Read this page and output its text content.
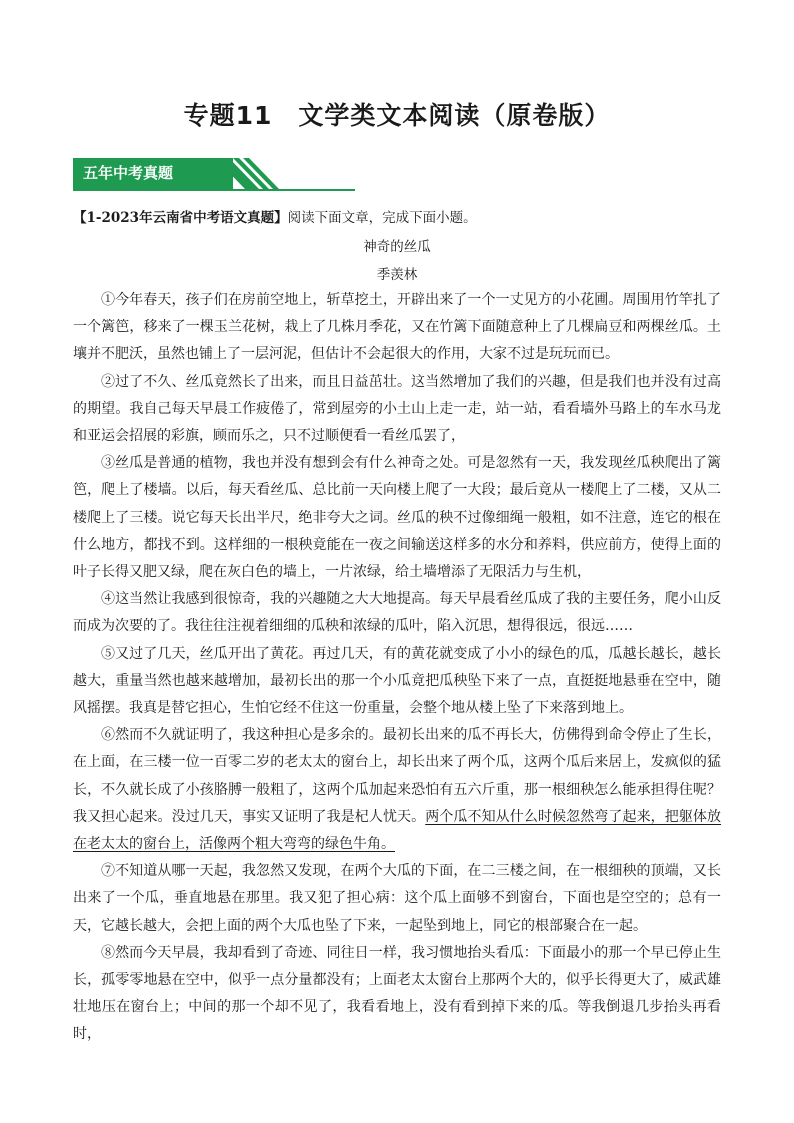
专题11　文学类文本阅读（原卷版）
五年中考真题
【1-2023年云南省中考语文真题】阅读下面文章，完成下面小题。
神奇的丝瓜
季羡林

①今年春天，孩子们在房前空地上，斩草挖土，开辟出来了一个一丈见方的小花圃。周围用竹竿扎了一个篱笆，移来了一棵玉兰花树，栽上了几株月季花，又在竹篱下面随意种上了几棵扁豆和两棵丝瓜。土壤并不肥沃，虽然也铺上了一层河泥，但估计不会起很大的作用，大家不过是玩玩而已。

②过了不久、丝瓜竟然长了出来，而且日益茁壮。这当然增加了我们的兴趣，但是我们也并没有过高的期望。我自己每天早晨工作疲倦了，常到屋旁的小土山上走一走，站一站，看看墙外马路上的车水马龙和亚运会招展的彩旗，顾而乐之，只不过顺便看一看丝瓜罢了，

③丝瓜是普通的植物，我也并没有想到会有什么神奇之处。可是忽然有一天，我发现丝瓜秧爬出了篱笆，爬上了楼墙。以后，每天看丝瓜、总比前一天向楼上爬了一大段；最后竟从一楼爬上了二楼，又从二楼爬上了三楼。说它每天长出半尺，绝非夸大之词。丝瓜的秧不过像细绳一般粗，如不注意，连它的根在什么地方，都找不到。这样细的一根秧竟能在一夜之间输送这样多的水分和养料，供应前方，使得上面的叶子长得又肥又绿，爬在灰白色的墙上，一片浓绿，给土墙增添了无限活力与生机，

④这当然让我感到很惊奇，我的兴趣随之大大地提高。每天早晨看丝瓜成了我的主要任务，爬小山反而成为次要的了。我往往注视着细细的瓜秧和浓绿的瓜叶，陷入沉思，想得很远，很远……

⑤又过了几天，丝瓜开出了黄花。再过几天，有的黄花就变成了小小的绿色的瓜，瓜越长越长，越长越大，重量当然也越来越增加，最初长出的那一个小瓜竟把瓜秧坠下来了一点，直挺挺地悬垂在空中，随风摇摆。我真是替它担心，生怕它经不住这一份重量，会整个地从楼上坠了下来落到地上。

⑥然而不久就证明了，我这种担心是多余的。最初长出来的瓜不再长大，仿佛得到命令停止了生长，在上面，在三楼一位一百零二岁的老太太的窗台上，却长出来了两个瓜，这两个瓜后来居上，发疯似的猛长，不久就长成了小孩胳膊一般粗了，这两个瓜加起来恐怕有五六斤重，那一根细秧怎么能承担得住呢？我又担心起来。没过几天，事实又证明了我是杞人忧天。两个瓜不知从什么时候忽然弯了起来，把躯体放在老太太的窗台上，活像两个粗大弯弯的绿色牛角。

⑦不知道从哪一天起，我忽然又发现，在两个大瓜的下面，在二三楼之间，在一根细秧的顶端，又长出来了一个瓜，垂直地悬在那里。我又犯了担心病：这个瓜上面够不到窗台，下面也是空空的；总有一天，它越长越大，会把上面的两个大瓜也坠了下来，一起坠到地上，同它的根部聚合在一起。

⑧然而今天早晨，我却看到了奇迹、同往日一样，我习惯地抬头看瓜：下面最小的那一个早已停止生长，孤零零地悬在空中，似乎一点分量都没有；上面老太太窗台上那两个大的，似乎长得更大了，威武雄壮地压在窗台上；中间的那一个却不见了，我看看地上，没有看到掉下来的瓜。等我倒退几步抬头再看时，
